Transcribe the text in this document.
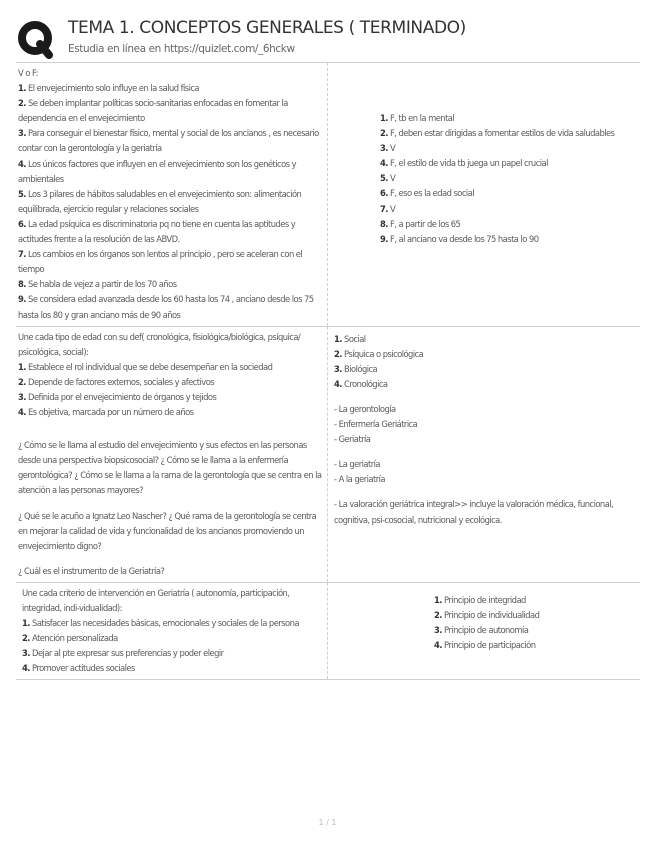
TEMA 1. CONCEPTOS GENERALES ( TERMINADO)
Estudia en línea en https://quizlet.com/_6hckw
V o F:
1. El envejecimiento solo influye en la salud física
2. Se deben implantar políticas socio-sanitarias enfocadas en fomentar la dependencia en el envejecimiento
3. Para conseguir el bienestar físico, mental y social de los ancianos , es necesario contar con la gerontología y la geriatría
4. Los únicos factores que influyen en el envejecimiento son los genéticos y ambientales
5. Los 3 pilares de hábitos saludables en el envejecimiento son: alimentación equilibrada, ejercicio regular y relaciones sociales
6. La edad psíquica es discriminatoria pq no tiene en cuenta las aptitudes y actitudes frente a la resolución de las ABVD.
7. Los cambios en los órganos son lentos al principio , pero se aceleran con el tiempo
8. Se habla de vejez a partir de los 70 años
9. Se considera edad avanzada desde los 60 hasta los 74 , anciano desde los 75 hasta los 80 y gran anciano más de 90 años
1. F, tb en la mental
2. F, deben estar dirigidas a fomentar estilos de vida saludables
3. V
4. F, el estilo de vida tb juega un papel crucial
5. V
6. F, eso es la edad social
7. V
8. F, a partir de los 65
9. F, al anciano va desde los 75 hasta lo 90
Une cada tipo de edad con su def( cronológica, fisiológica/biológica, psíquica/ psicológica, social):
1. Establece el rol individual que se debe desempeñar en la sociedad
2. Depende de factores externos, sociales y afectivos
3. Definida por el envejecimiento de órganos y tejidos
4. Es objetiva, marcada por un número de años
¿ Cómo se le llama al estudio del envejecimiento y sus efectos en las personas desde una perspectiva biopsicosocial? ¿ Cómo se le llama a la enfermería gerontológica? ¿ Cómo se le llama a la rama de la gerontología que se centra en la atención a las personas mayores?
¿ Qué se le acuño a Ignatz Leo Nascher? ¿ Qué rama de la gerontología se centra en mejorar la calidad de vida y funcionalidad de los ancianos promoviendo un envejecimiento digno?
¿ Cuál es el instrumento de la Geriatría?
1. Social
2. Psíquica o psicológica
3. Biológica
4. Cronológica
- La gerontología
- Enfermería Geriátrica
- Geriatría
- La geriatría
- A la geriatría
- La valoración geriátrica integral>> incluye la valoración médica, funcional, cognitiva, psi-cosocial, nutricional y ecológica.
Une cada criterio de intervención en Geriatría ( autonomía, participación, integridad, indi-vidualidad):
1. Satisfacer las necesidades básicas, emocionales y sociales de la persona
2. Atención personalizada
3. Dejar al pte expresar sus preferencias y poder elegir
4. Promover actitudes sociales
1. Principio de integridad
2. Principio de individualidad
3. Principio de autonomía
4. Principio de participación
1 / 1
